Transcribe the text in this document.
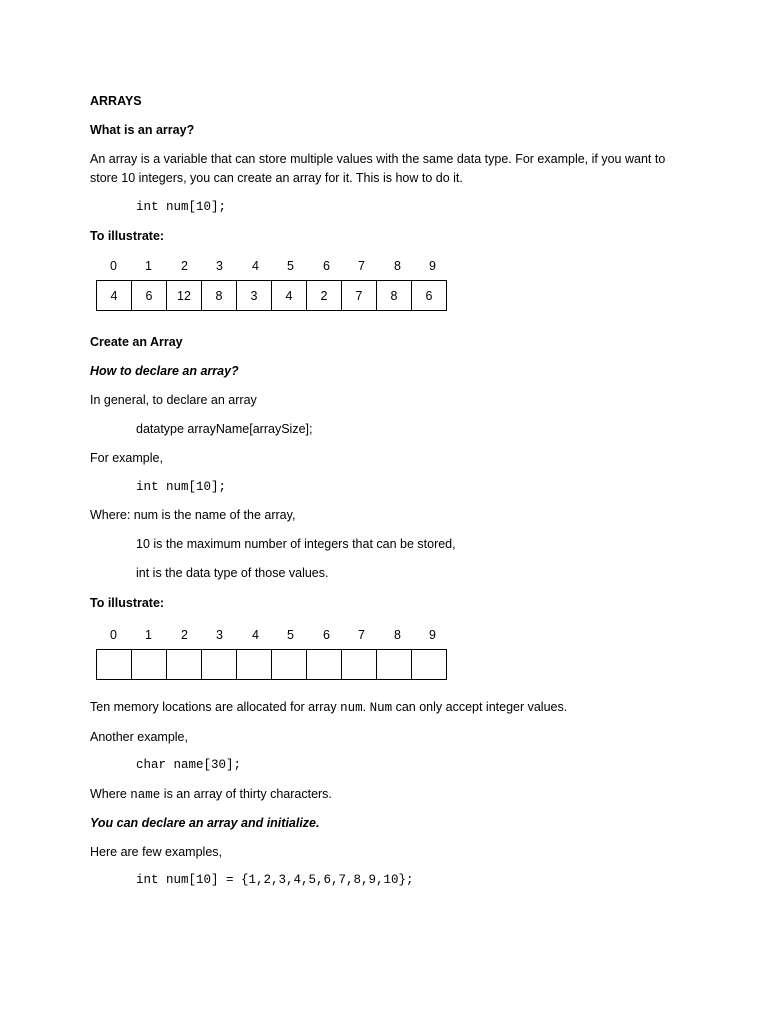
ARRAYS
What is an array?
An array is a variable that can store multiple values with the same data type. For example, if you want to
store 10 integers, you can create an array for it. This is how to do it.
int num[10];
To illustrate:
0	1	2	3	4	5	6	7	8	9
4	6	12	8	3	4	2	7	8	6
Create an Array
How to declare an array?
In general, to declare an array
datatype arrayName[arraySize];
For example,
int num[10];
Where: num is the name of the array,
10 is the maximum number of integers that can be stored,
int is the data type of those values.
To illustrate:
0	1	2	3	4	5	6	7	8	9

Ten memory locations are allocated for array num. Num can only accept integer values.
Another example,
char name[30];
Where name is an array of thirty characters.
You can declare an array and initialize.
Here are few examples,
int num[10] = {1,2,3,4,5,6,7,8,9,10};
